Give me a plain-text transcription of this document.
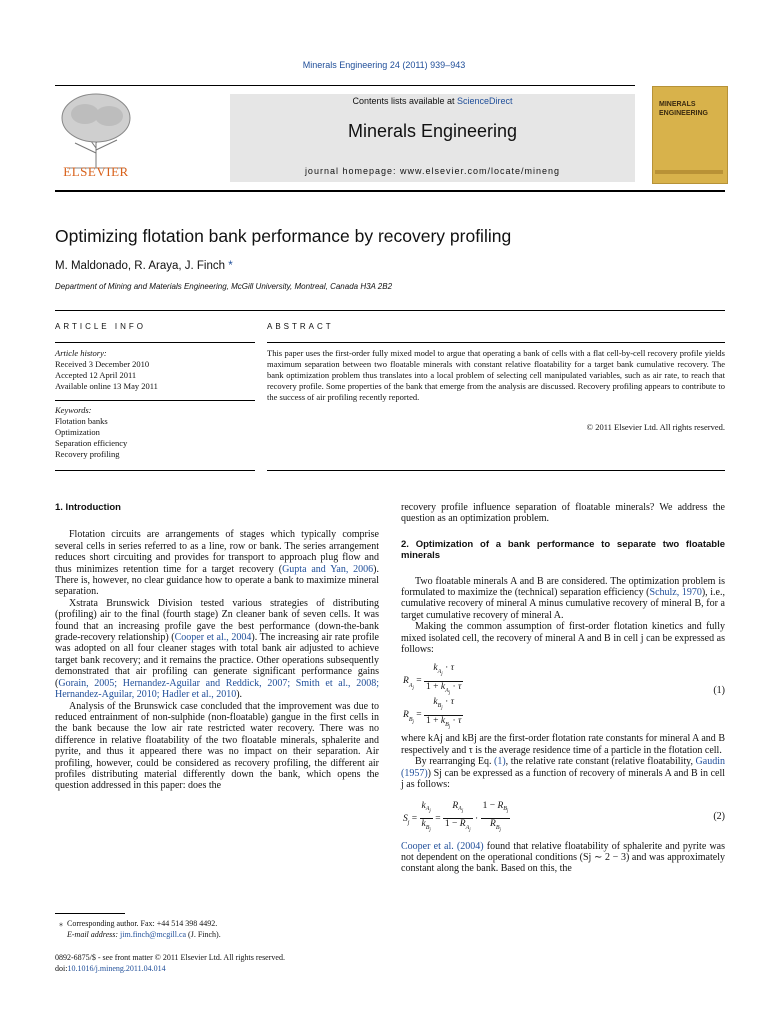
Minerals Engineering 24 (2011) 939–943
ELSEVIER
Contents lists available at ScienceDirect
Minerals Engineering
journal homepage: www.elsevier.com/locate/mineng
MINERALS
ENGINEERING
Optimizing flotation bank performance by recovery profiling
M. Maldonado, R. Araya, J. Finch *
Department of Mining and Materials Engineering, McGill University, Montreal, Canada H3A 2B2
ARTICLE INFO	ABSTRACT
Article history:
Received 3 December 2010
Accepted 12 April 2011
Available online 13 May 2011
Keywords:
Flotation banks
Optimization
Separation efficiency
Recovery profiling
This paper uses the first-order fully mixed model to argue that operating a bank of cells with a flat cell-by-cell recovery profile yields maximum separation between two floatable minerals with constant relative floatability for a target bank cumulative recovery. The bank optimization problem thus translates into a local problem of selecting cell manipulated variables, such as air rate, to reach that recovery profile. Some properties of the bank that emerge from the analysis are discussed. Recovery profiling appears to contribute to the success of air profiling recently reported.
© 2011 Elsevier Ltd. All rights reserved.

1. Introduction

Flotation circuits are arrangements of stages which typically comprise several cells in series referred to as a line, row or bank. The series arrangement reduces short circuiting and provides for transport to approach plug flow and thus minimizes retention time for a target recovery (Gupta and Yan, 2006). There is, however, no clear guidance how to operate a bank to maximize mineral separation.

Xstrata Brunswick Division tested various strategies of distributing (profiling) air to the final (fourth stage) Zn cleaner bank of seven cells. It was found that an increasing profile gave the best performance (down-the-bank grade-recovery relationship) (Cooper et al., 2004). The increasing air rate profile was adopted on all four cleaner stages with total bank air adjusted to achieve target bank recovery; and it remains the practice. Other operations subsequently demonstrated that air profiling can generate significant performance gains (Gorain, 2005; Hernandez-Aguilar and Reddick, 2007; Smith et al., 2008; Hernandez-Aguilar, 2010; Hadler et al., 2010).

Analysis of the Brunswick case concluded that the improvement was due to reduced entrainment of non-sulphide (non-floatable) gangue in the first cells in the bank because the low air rate restricted water recovery. There was no difference in relative floatability of the two floatable minerals, sphalerite and pyrite, and thus it appeared there was no impact on their separation. Air profiling, however, could be considered as recovery profiling, the different air profiles distributing material differently down the bank, which opens the question addressed in this paper: does the

recovery profile influence separation of floatable minerals? We address the question as an optimization problem.

2. Optimization of a bank performance to separate two floatable minerals

Two floatable minerals A and B are considered. The optimization problem is formulated to maximize the (technical) separation efficiency (Schulz, 1970), i.e., cumulative recovery of mineral A minus cumulative recovery of mineral B, for a target cumulative recovery of mineral A.

Making the common assumption of first-order flotation kinetics and fully mixed isolated cell, the recovery of mineral A and B in cell j can be expressed as follows:

$R_{A_j} = \frac{k_{A_j} \cdot \tau}{1 + k_{A_j} \cdot \tau}$
$R_{B_j} = \frac{k_{B_j} \cdot \tau}{1 + k_{B_j} \cdot \tau}$
(1)

where kAj and kBj are the first-order flotation rate constants for mineral A and B respectively and τ is the average residence time of a particle in the flotation cell.

By rearranging Eq. (1), the relative rate constant (relative floatability, Gaudin (1957)) Sj can be expressed as a function of recovery of minerals A and B in cell j as follows:

$S_j = \frac{k_{A_j}}{k_{B_j}} = \frac{R_{A_j}}{1 - R_{A_j}} \cdot \frac{1 - R_{B_j}}{R_{B_j}}$	(2)

Cooper et al. (2004) found that relative floatability of sphalerite and pyrite was not dependent on the operational conditions (Sj ∼ 2 − 3) and was approximately constant along the bank. Based on this, the

⁎ Corresponding author. Fax: +44 514 398 4492.
E-mail address: jim.finch@mcgill.ca (J. Finch).
0892-6875/$ - see front matter © 2011 Elsevier Ltd. All rights reserved.
doi:10.1016/j.mineng.2011.04.014
